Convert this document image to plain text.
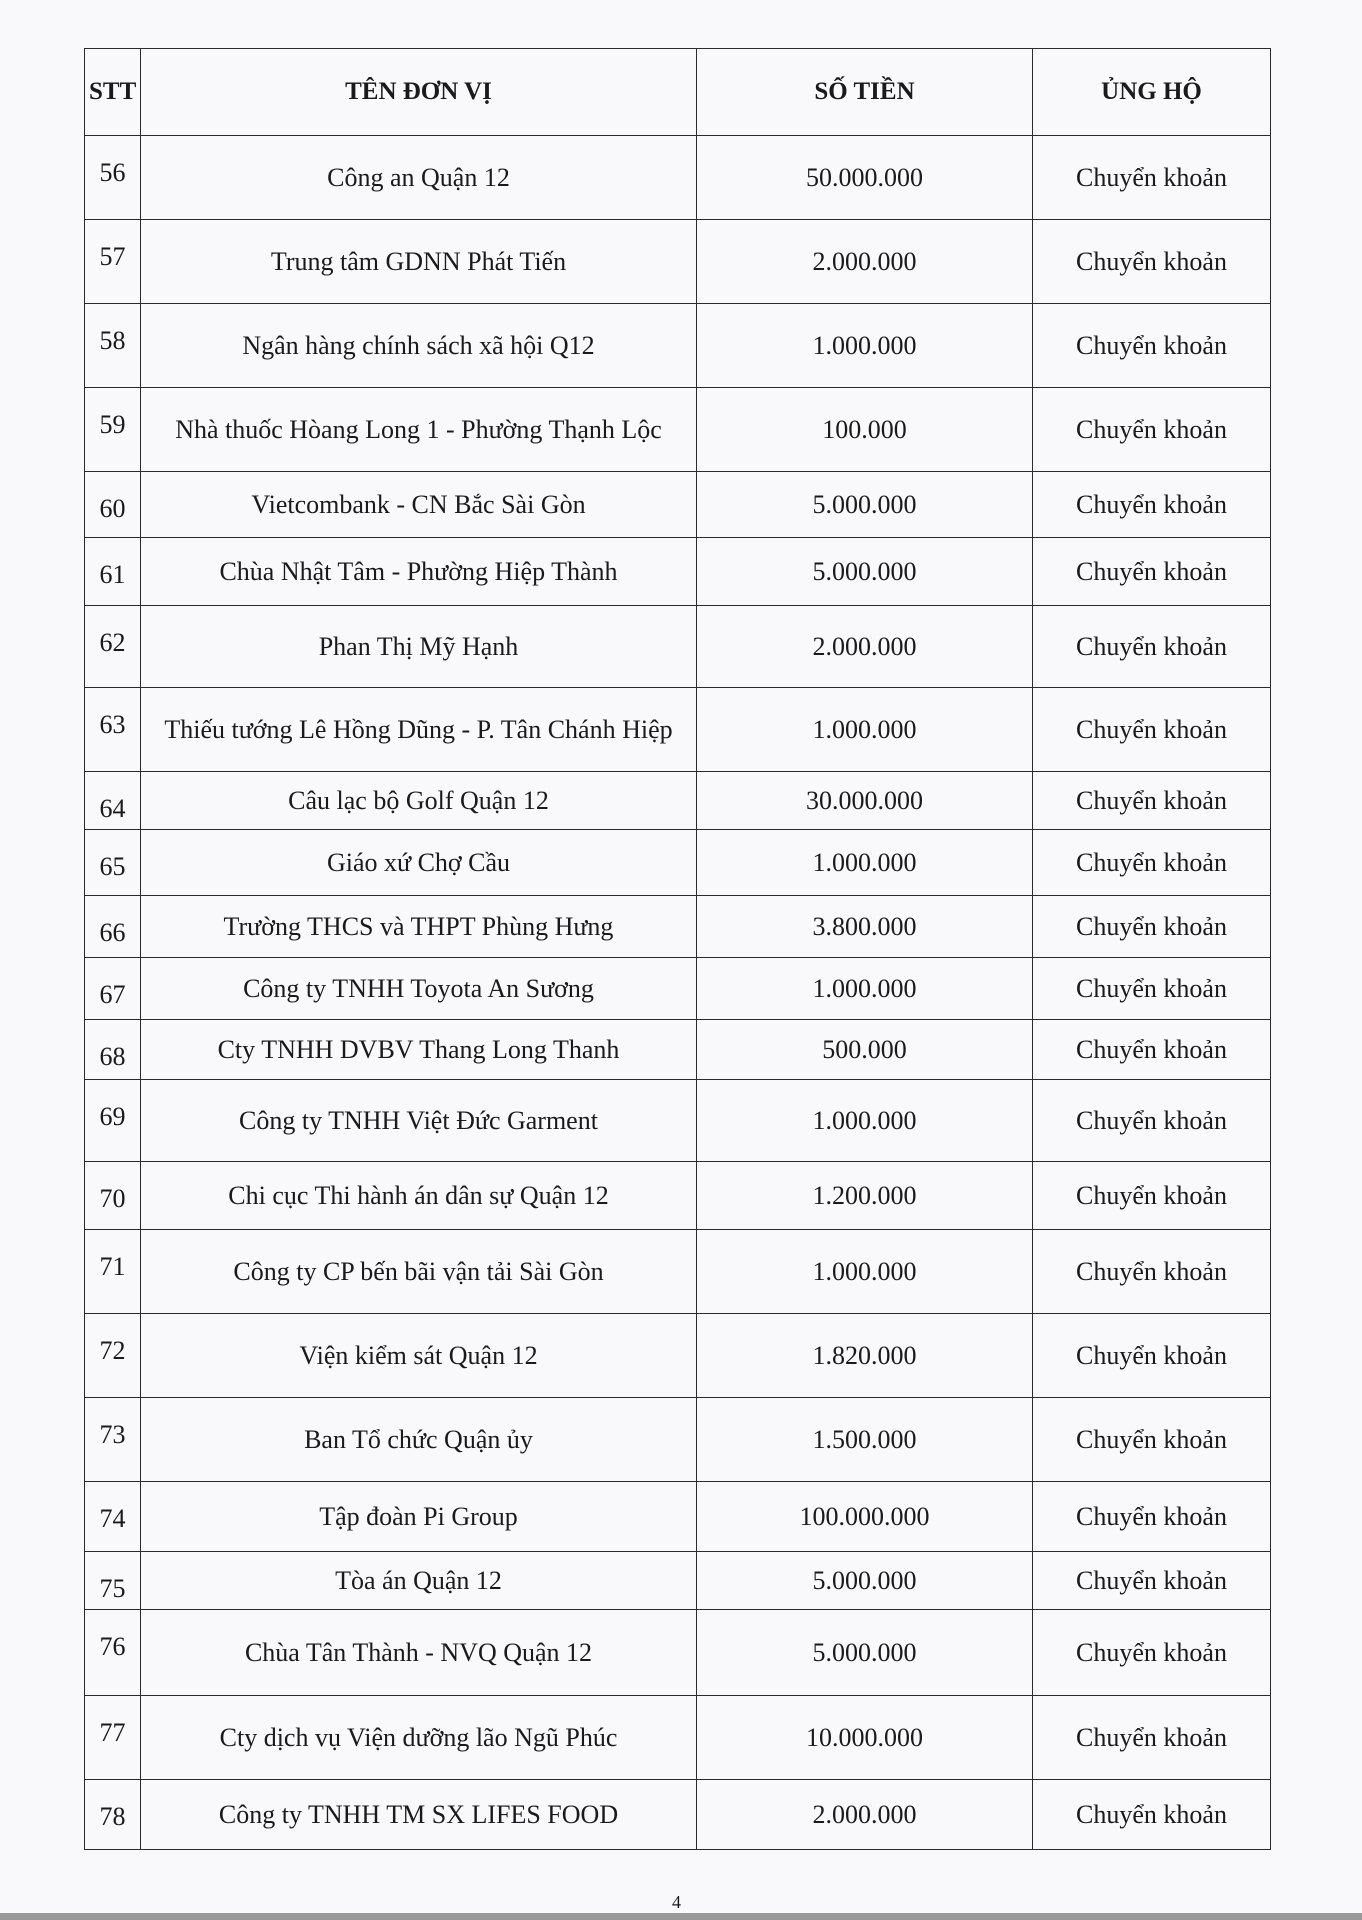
STT	TÊN ĐƠN VỊ	SỐ TIỀN	ỦNG HỘ
56	Công an Quận 12	50.000.000	Chuyển khoản
57	Trung tâm GDNN Phát Tiến	2.000.000	Chuyển khoản
58	Ngân hàng chính sách xã hội Q12	1.000.000	Chuyển khoản
59	Nhà thuốc Hòang Long 1 - Phường Thạnh Lộc	100.000	Chuyển khoản
60	Vietcombank - CN Bắc Sài Gòn	5.000.000	Chuyển khoản
61	Chùa Nhật Tâm - Phường Hiệp Thành	5.000.000	Chuyển khoản
62	Phan Thị Mỹ Hạnh	2.000.000	Chuyển khoản
63	Thiếu tướng Lê Hồng Dũng - P. Tân Chánh Hiệp	1.000.000	Chuyển khoản
64	Câu lạc bộ Golf Quận 12	30.000.000	Chuyển khoản
65	Giáo xứ Chợ Cầu	1.000.000	Chuyển khoản
66	Trường THCS và THPT Phùng Hưng	3.800.000	Chuyển khoản
67	Công ty TNHH Toyota An Sương	1.000.000	Chuyển khoản
68	Cty TNHH DVBV Thang Long Thanh	500.000	Chuyển khoản
69	Công ty TNHH Việt Đức Garment	1.000.000	Chuyển khoản
70	Chi cục Thi hành án dân sự Quận 12	1.200.000	Chuyển khoản
71	Công ty CP bến bãi vận tải Sài Gòn	1.000.000	Chuyển khoản
72	Viện kiểm sát Quận 12	1.820.000	Chuyển khoản
73	Ban Tổ chức Quận ủy	1.500.000	Chuyển khoản
74	Tập đoàn Pi Group	100.000.000	Chuyển khoản
75	Tòa án Quận 12	5.000.000	Chuyển khoản
76	Chùa Tân Thành - NVQ Quận 12	5.000.000	Chuyển khoản
77	Cty dịch vụ Viện dưỡng lão Ngũ Phúc	10.000.000	Chuyển khoản
78	Công ty TNHH TM SX LIFES FOOD	2.000.000	Chuyển khoản
4
